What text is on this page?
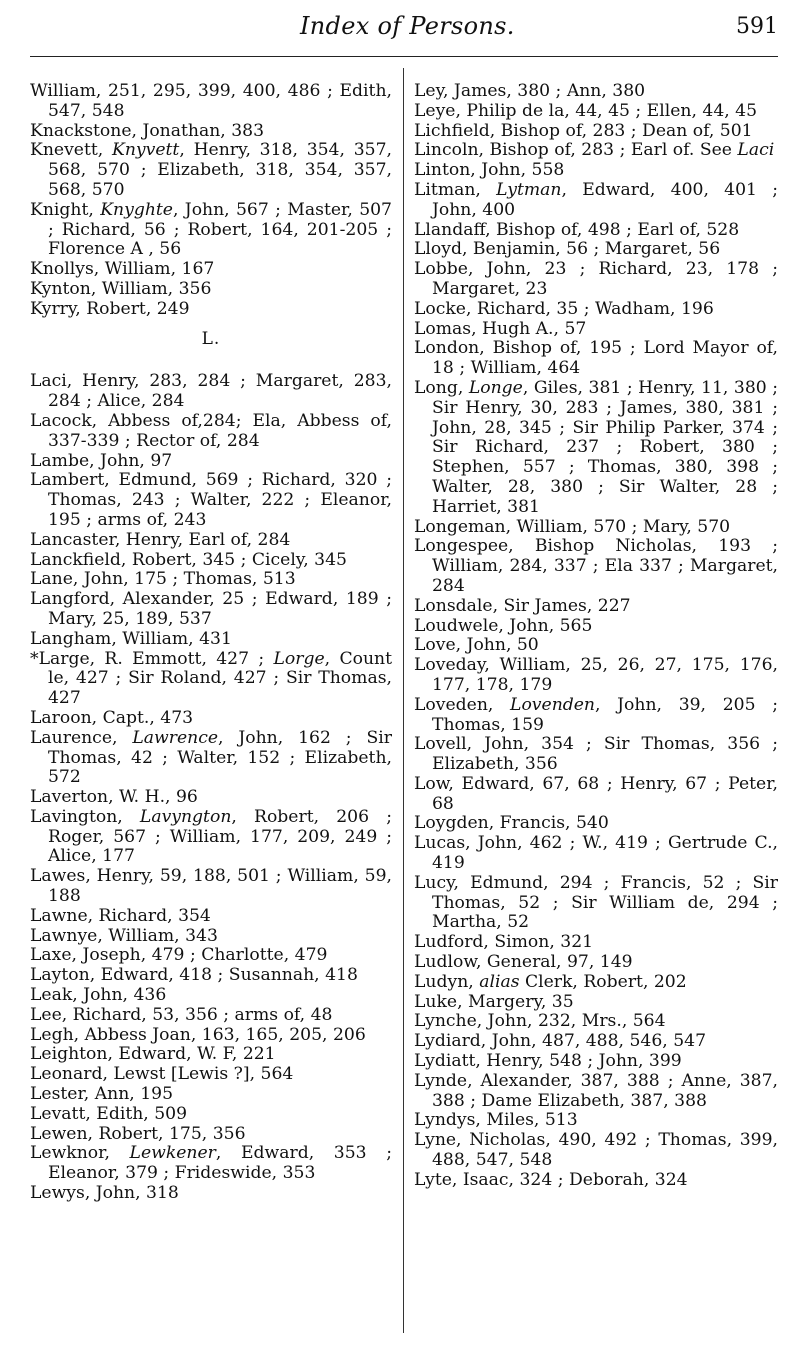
Index of Persons.	591

William, 251, 295, 399, 400, 486 ; Edith, 547, 548

Knackstone, Jonathan, 383

Knevett, Knyvett, Henry, 318, 354, 357, 568, 570 ; Elizabeth, 318, 354, 357, 568, 570

Knight, Knyghte, John, 567 ; Master, 507 ; Richard, 56 ; Robert, 164, 201-205 ; Florence A , 56

Knollys, William, 167

Kynton, William, 356

Kyrry, Robert, 249

L.

Laci, Henry, 283, 284 ; Margaret, 283, 284 ; Alice, 284

Lacock, Abbess of,284; Ela, Abbess of, 337-339 ; Rector of, 284

Lambe, John, 97

Lambert, Edmund, 569 ; Richard, 320 ; Thomas, 243 ; Walter, 222 ; Eleanor, 195 ; arms of, 243

Lancaster, Henry, Earl of, 284

Lanckfield, Robert, 345 ; Cicely, 345

Lane, John, 175 ; Thomas, 513

Langford, Alexander, 25 ; Edward, 189 ; Mary, 25, 189, 537

Langham, William, 431

*Large, R. Emmott, 427 ; Lorge, Count le, 427 ; Sir Roland, 427 ; Sir Thomas, 427

Laroon, Capt., 473

Laurence, Lawrence, John, 162 ; Sir Thomas, 42 ; Walter, 152 ; Elizabeth, 572

Laverton, W. H., 96

Lavington, Lavyngton, Robert, 206 ; Roger, 567 ; William, 177, 209, 249 ; Alice, 177

Lawes, Henry, 59, 188, 501 ; William, 59, 188

Lawne, Richard, 354

Lawnye, William, 343

Laxe, Joseph, 479 ; Charlotte, 479

Layton, Edward, 418 ; Susannah, 418

Leak, John, 436

Lee, Richard, 53, 356 ; arms of, 48

Legh, Abbess Joan, 163, 165, 205, 206

Leighton, Edward, W. F, 221

Leonard, Lewst [Lewis ?], 564

Lester, Ann, 195

Levatt, Edith, 509

Lewen, Robert, 175, 356

Lewknor, Lewkener, Edward, 353 ; Eleanor, 379 ; Frideswide, 353

Lewys, John, 318

Ley, James, 380 ; Ann, 380

Leye, Philip de la, 44, 45 ; Ellen, 44, 45

Lichfield, Bishop of, 283 ; Dean of, 501

Lincoln, Bishop of, 283 ; Earl of. See Laci

Linton, John, 558

Litman, Lytman, Edward, 400, 401 ; John, 400

Llandaff, Bishop of, 498 ; Earl of, 528

Lloyd, Benjamin, 56 ; Margaret, 56

Lobbe, John, 23 ; Richard, 23, 178 ; Margaret, 23

Locke, Richard, 35 ; Wadham, 196

Lomas, Hugh A., 57

London, Bishop of, 195 ; Lord Mayor of, 18 ; William, 464

Long, Longe, Giles, 381 ; Henry, 11, 380 ; Sir Henry, 30, 283 ; James, 380, 381 ; John, 28, 345 ; Sir Philip Parker, 374 ; Sir Richard, 237 ; Robert, 380 ; Stephen, 557 ; Thomas, 380, 398 ; Walter, 28, 380 ; Sir Walter, 28 ; Harriet, 381

Longeman, William, 570 ; Mary, 570

Longespee, Bishop Nicholas, 193 ; William, 284, 337 ; Ela 337 ; Margaret, 284

Lonsdale, Sir James, 227

Loudwele, John, 565

Love, John, 50

Loveday, William, 25, 26, 27, 175, 176, 177, 178, 179

Loveden, Lovenden, John, 39, 205 ; Thomas, 159

Lovell, John, 354 ; Sir Thomas, 356 ; Elizabeth, 356

Low, Edward, 67, 68 ; Henry, 67 ; Peter, 68

Loygden, Francis, 540

Lucas, John, 462 ; W., 419 ; Gertrude C., 419

Lucy, Edmund, 294 ; Francis, 52 ; Sir Thomas, 52 ; Sir William de, 294 ; Martha, 52

Ludford, Simon, 321

Ludlow, General, 97, 149

Ludyn, alias Clerk, Robert, 202

Luke, Margery, 35

Lynche, John, 232, Mrs., 564

Lydiard, John, 487, 488, 546, 547

Lydiatt, Henry, 548 ; John, 399

Lynde, Alexander, 387, 388 ; Anne, 387, 388 ; Dame Elizabeth, 387, 388

Lyndys, Miles, 513

Lyne, Nicholas, 490, 492 ; Thomas, 399, 488, 547, 548

Lyte, Isaac, 324 ; Deborah, 324
